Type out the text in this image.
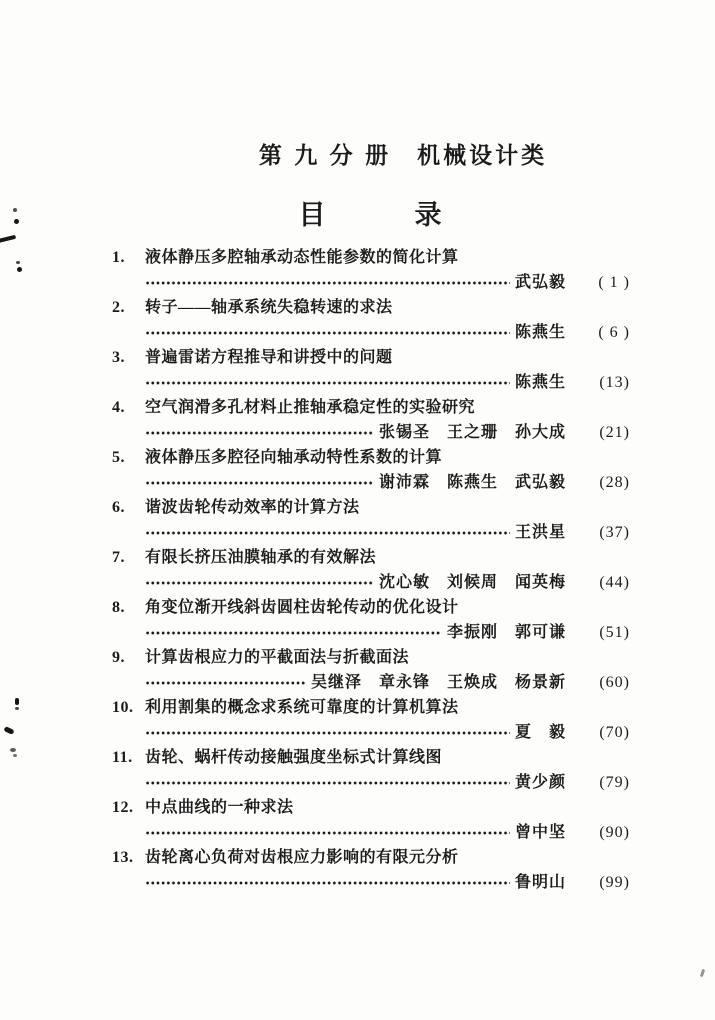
第 九 分 册　机械设计类
目　　　录
1.	液体静压多腔轴承动态性能参数的简化计算
武弘毅	( 1 )
2.	转子——轴承系统失稳转速的求法
陈燕生	( 6 )
3.	普遍雷诺方程推导和讲授中的问题
陈燕生	(13)
4.	空气润滑多孔材料止推轴承稳定性的实验研究
张锡圣　王之珊　孙大成	(21)
5.	液体静压多腔径向轴承动特性系数的计算
谢沛霖　陈燕生　武弘毅	(28)
6.	谐波齿轮传动效率的计算方法
王洪星	(37)
7.	有限长挤压油膜轴承的有效解法
沈心敏　刘候周　闻英梅	(44)
8.	角变位渐开线斜齿圆柱齿轮传动的优化设计
李振刚　郭可谦	(51)
9.	计算齿根应力的平截面法与折截面法
吴继泽　章永锋　王焕成　杨景新	(60)
10. 利用割集的概念求系统可靠度的计算机算法
夏　毅	(70)
11. 齿轮、蜗杆传动接触强度坐标式计算线图
黄少颜	(79)
12. 中点曲线的一种求法
曾中坚	(90)
13. 齿轮离心负荷对齿根应力影响的有限元分析
鲁明山	(99)
